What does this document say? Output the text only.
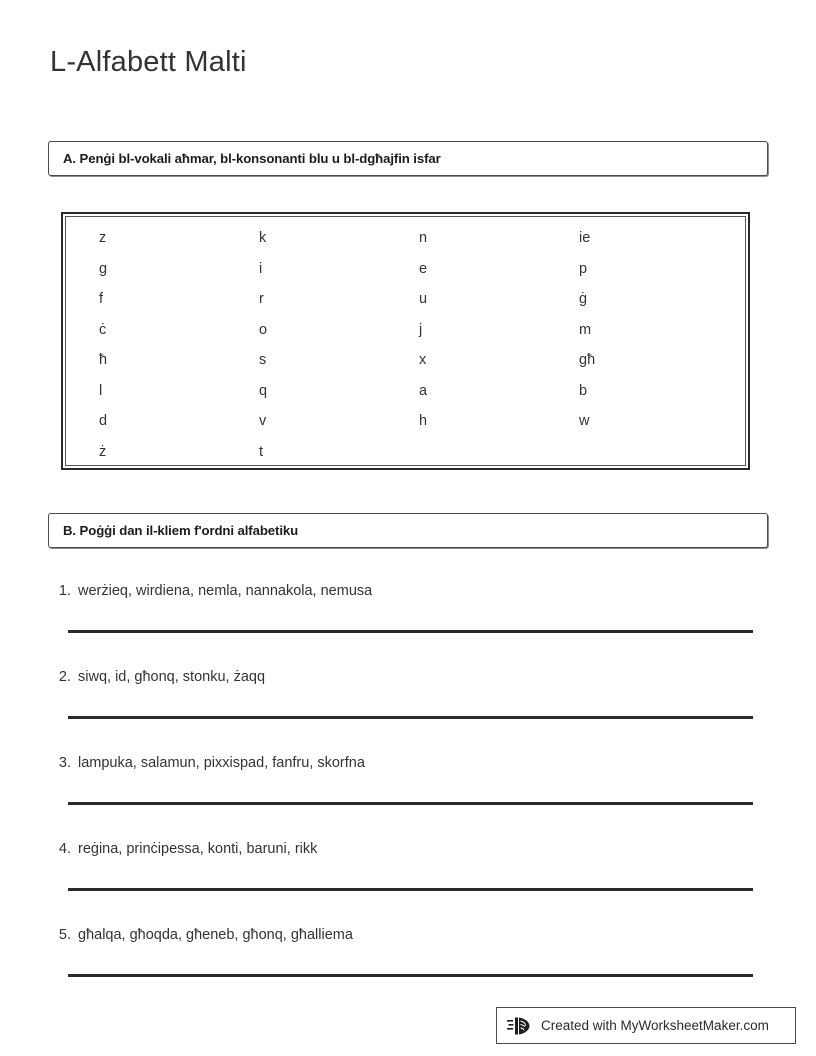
L-Alfabett Malti
A. Penġi bl-vokali aħmar, bl-konsonanti blu u bl-dgħajfin isfar
z	k	n	ie
g	i	e	p
f	r	u	ġ
ċ	o	j	m
ħ	s	x	għ
l	q	a	b
d	v	h	w
ż	t
B. Poġġi dan il-kliem f'ordni alfabetiku
1. werżieq, wirdiena, nemla, nannakola, nemusa
2. siwq, id, għonq, stonku, żaqq
3. lampuka, salamun, pixxispad, fanfru, skorfna
4. reġina, prinċipessa, konti, baruni, rikk
5. għalqa, għoqda, għeneb, għonq, għalliema
Created with MyWorksheetMaker.com
